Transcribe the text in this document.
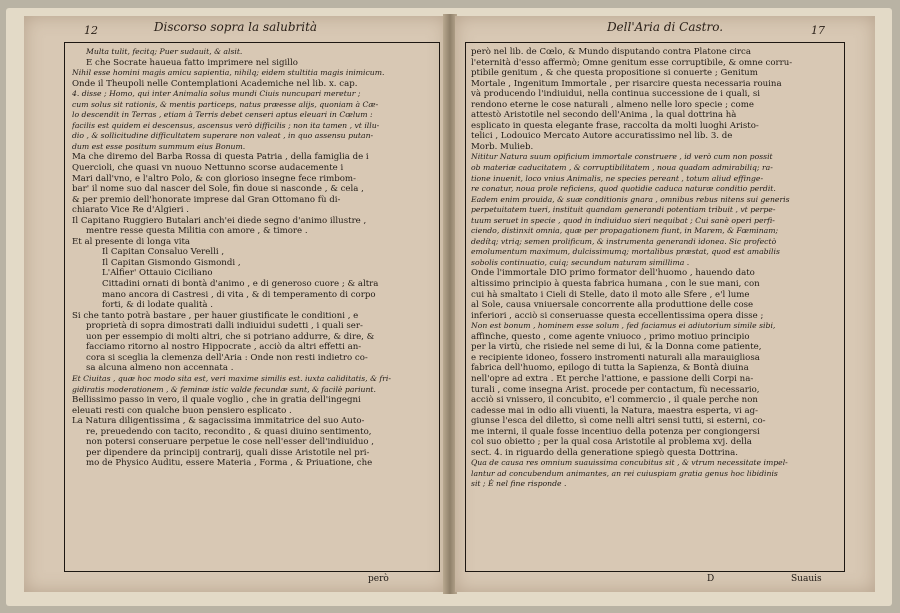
12	Discorso sopra la salubrità
Multa tulit, fecitq; Puer sudauit, & alsit.
E che Socrate haueua fatto imprimere nel sigillo
Nihil esse homini magis amicu sapientia, nihilq; eidem stultitia magis inimicum.
Onde il Theupoli nelle Contemplationi Academiche nel lib. x. cap.
4. disse ; Homo, qui inter Animalia solus mundi Ciuis nuncupari meretur ;
cum solus sit rationis, & mentis particeps, natus præesse alijs, quoniam à Cæ-
lo descendit in Terras , etiam à Terris debet censeri aptus eleuari in Cœlum :
facilis est quidem ei descensus, ascensus verò difficilis ; non ita tamen , vt illu-
dio , & sollicitudine difficultatem superare non valeat , in quo assensu putan-
dum est esse positum summum eius Bonum.
Ma che diremo del Barba Rossa di questa Patria , della famiglia de i
Quercioli, che quasi vn nuouo Nettunno scorse audacemente i
Mari dall'vno, e l'altro Polo, & con glorioso insegne fece rimbom-
bar' il nome suo dal nascer del Sole, fin doue si nasconde , & cela ,
& per premio dell'honorate imprese dal Gran Ottomano fù di-
chiarato Vice Re d'Algieri .
Il Capitano Ruggiero Butalari anch'ei diede segno d'animo illustre ,
mentre resse questa Militia con amore , & timore .
Et al presente di longa vita
Il Capitan Consaluo Verelli ,
Il Capitan Gismondo Gismondi ,
L'Alfier' Ottauio Ciciliano
Cittadini ornati di bontà d'animo , e di generoso cuore ; & altra
mano ancora di Castresi , di vita , & di temperamento di corpo
forti, & di lodate qualità .
Si che tanto potrà bastare , per hauer giustificate le conditioni , e
proprietà di sopra dimostrati dalli indiuidui sudetti , i quali ser-
uon per essempio di molti altri, che si potriano addurre, & dire, &
facciamo ritorno al nostro Hippocrate , acciò da altri effetti an-
cora si sceglia la clemenza dell'Aria : Onde non resti indietro co-
sa alcuna almeno non accennata .
Et Ciuitas , quæ hoc modo sita est, veri maxime similis est. iuxta caliditatis, & fri-
gidiratis moderationem , & feminæ istic valde fecundæ sunt, & facilè pariunt.
Bellissimo passo in vero, il quale voglio , che in gratia dell'ingegni
eleuati resti con qualche buon pensiero esplicato .
La Natura diligentissima , & sagacissima immitatrice del suo Auto-
re, preuedendo con tacito, recondito , & quasi diuino sentimento,
non potersi conseruare perpetue le cose nell'esser dell'indiuiduo ,
per dipendere da principij contrarij, quali disse Aristotile nel pri-
mo de Physico Auditu, essere Materia , Forma , & Priuatione, che
però
Dell'Aria di Castro.	17
però nel lib. de Cœlo, & Mundo disputando contra Platone circa
l'eternità d'esso affermò; Omne genitum esse corruptibile, & omne corru-
ptibile genitum , & che questa propositione si conuerte ; Genitum
Mortale , Ingenitum Immortale , per risarcire questa necessaria rouina
và producendo l'indiuidui, nella continua successione de i quali, si
rendono eterne le cose naturali , almeno nelle loro specie ; come
attestò Aristotile nel secondo dell'Anima , la qual dottrina hà
esplicato in questa elegante frase, raccolta da molti luoghi Aristo-
telici , Lodouico Mercato Autore accuratissimo nel lib. 3. de
Morb. Mulieb.
Nititur Natura suum opificium immortale construere , id verò cum non possit
ob materiæ caducitatem , & corruptibilitatem , noua quadam admirabiliq; ra-
tione inuenit, loco vnius Animalis, ne species pereant , totum aliud effinge-
re conatur, noua prole reficiens, quod quotidie caduca naturæ conditio perdit.
Eadem enim prouida, & suæ conditionis gnara , omnibus rebus nitens sui generis
perpetuitatem tueri, instituit quandam generandi potentiam tribuit , vt perpe-
tuum seruet in specie , quod in indiuiduo sieri nequibat ; Cui sanè operi perfi-
ciendo, distinxit omnia, quæ per propagationem fiunt, in Marem, & Fœminam;
dedítq; vtriq; semen prolificum, & instrumenta generandi idonea. Sic profectò
emolumentum maximum, dulcissimumq; mortalibus præstat, quod est amabilis
sobolis continuatio, cuiq; secundum naturam simillima .
Onde l'immortale DIO primo formator dell'huomo , hauendo dato
altissimo principio à questa fabrica humana , con le sue mani, con
cui hà smaltato i Cieli di Stelle, dato il moto alle Sfere , e'l lume
al Sole, causa vniuersale concorrente alla produttione delle cose
inferiori , acciò si conseruasse questa eccellentissima opera disse ;
Non est bonum , hominem esse solum , fed faciamus ei adiutorium simile sibi,
affinche, questo , come agente vniuoco , primo motiuo principio
per la virtù, che risiede nel seme di lui, & la Donna come patiente,
e recipiente idoneo, fossero instromenti naturali alla marauigliosa
fabrica dell'huomo, epilogo di tutta la Sapienza, & Bontà diuina
nell'opre ad extra . Et perche l'attione, e passione delli Corpi na-
turali , come insegna Arist. procede per contactum, fù necessario,
acciò si vnissero, il concubito, e'l commercio , il quale perche non
cadesse mai in odio alli viuenti, la Natura, maestra esperta, vi ag-
giunse l'esca del diletto, sì come nelli altri sensi tutti, si esterni, co-
me interni, il quale fosse incentiuo della potenza per congiongersi
col suo obietto ; per la qual cosa Aristotile al problema xvj. della
sect. 4. in riguardo della generatione spiegò questa Dottrina.
Qua de causa res omnium suauissima concubitus sit , & vtrum necessitate impel-
lantur ad concubendum animantes, an rei cuiuspiam gratia genus hoc libidinis
sit ; È nel fine risponde .
D	Suauis
